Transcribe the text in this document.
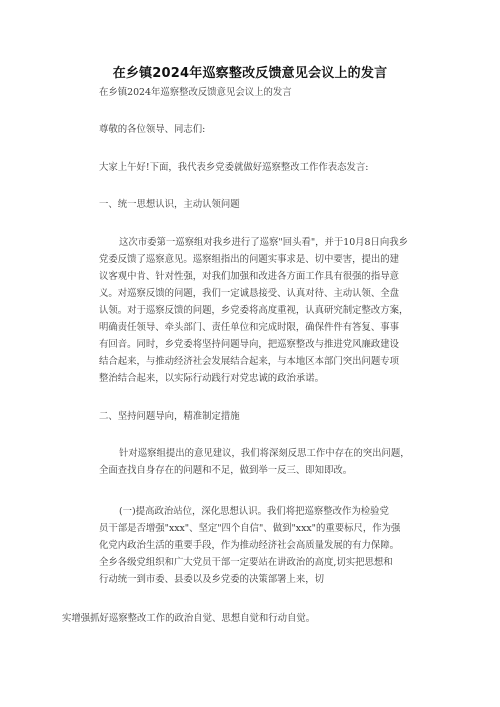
在乡镇2024年巡察整改反馈意见会议上的发言
在乡镇2024年巡察整改反馈意见会议上的发言
尊敬的各位领导、同志们:
大家上午好!下面，我代表乡党委就做好巡察整改工作作表态发言:
一、统一思想认识，主动认领问题
这次市委第一巡察组对我乡进行了巡察"回头看"，并于10月8日向我乡
党委反馈了巡察意见。巡察组指出的问题实事求是、切中要害，提出的建
议客观中肯、针对性强，对我们加强和改进各方面工作具有很强的指导意
义。对巡察反馈的问题，我们一定诚恳接受、认真对待、主动认领、全盘
认领。对于巡察反馈的问题，乡党委将高度重视，认真研究制定整改方案，
明确责任领导、牵头部门、责任单位和完成时限，确保件件有答复、事事
有回音。同时，乡党委将坚持问题导向，把巡察整改与推进党风廉政建设
结合起来，与推动经济社会发展结合起来，与本地区本部门突出问题专项
整治结合起来，以实际行动践行对党忠诚的政治承诺。
二、坚持问题导向，精准制定措施
针对巡察组提出的意见建议，我们将深刻反思工作中存在的突出问题，
全面查找自身存在的问题和不足，做到举一反三、即知即改。
(一)提高政治站位，深化思想认识。我们将把巡察整改作为检验党
员干部是否增强"xxx"、坚定"四个自信"、做到"xxx"的重要标尺，作为强
化党内政治生活的重要手段，作为推动经济社会高质量发展的有力保障。
全乡各级党组织和广大党员干部一定要站在讲政治的高度,切实把思想和
行动统一到市委、县委以及乡党委的决策部署上来，切
实增强抓好巡察整改工作的政治自觉、思想自觉和行动自觉。
